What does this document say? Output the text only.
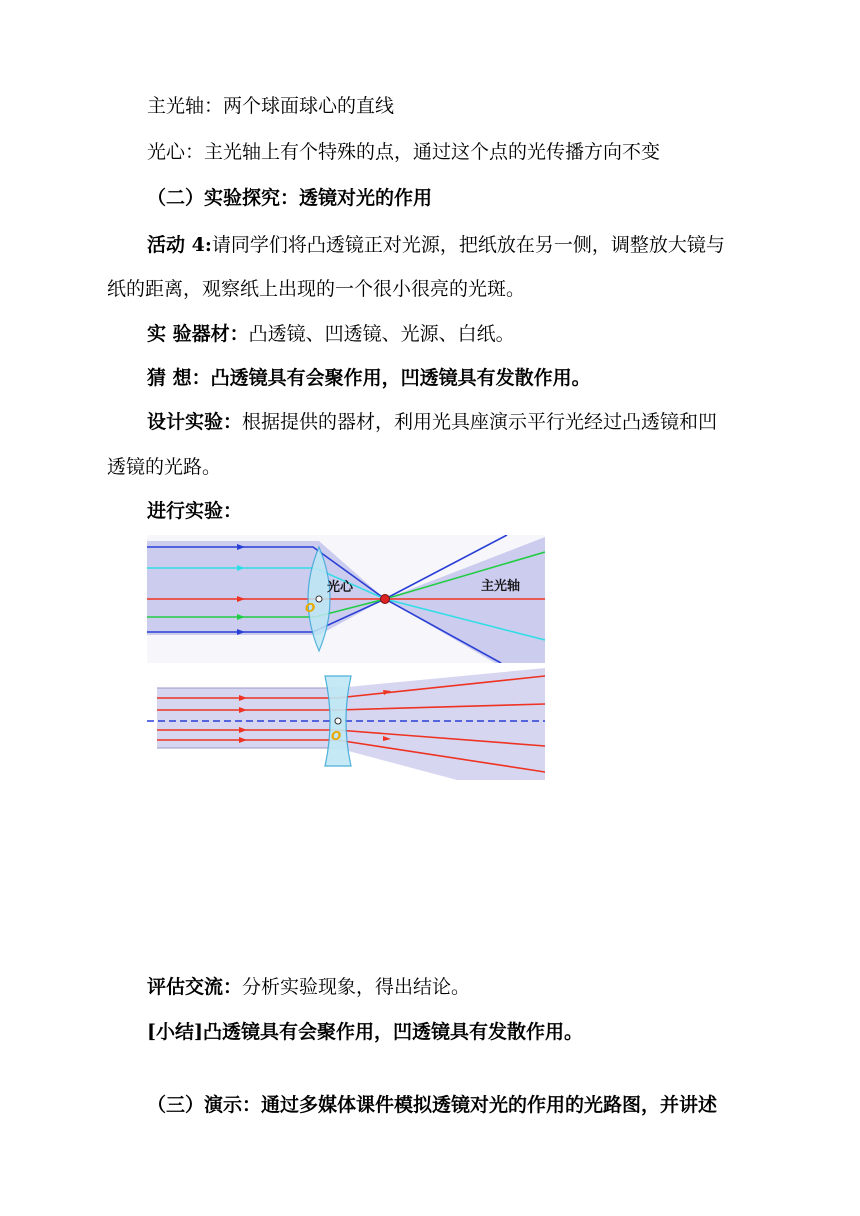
主光轴：两个球面球心的直线
光心：主光轴上有个特殊的点，通过这个点的光传播方向不变
（二）实验探究：透镜对光的作用
活动 4:请同学们将凸透镜正对光源，把纸放在另一侧，调整放大镜与
纸的距离，观察纸上出现的一个很小很亮的光斑。
实 验器材：凸透镜、凹透镜、光源、白纸。
猜 想：凸透镜具有会聚作用，凹透镜具有发散作用。
设计实验：根据提供的器材，利用光具座演示平行光经过凸透镜和凹
透镜的光路。
进行实验：
光心	主光轴
O
O
评估交流：分析实验现象，得出结论。
[小结]凸透镜具有会聚作用，凹透镜具有发散作用。
（三）演示：通过多媒体课件模拟透镜对光的作用的光路图，并讲述
